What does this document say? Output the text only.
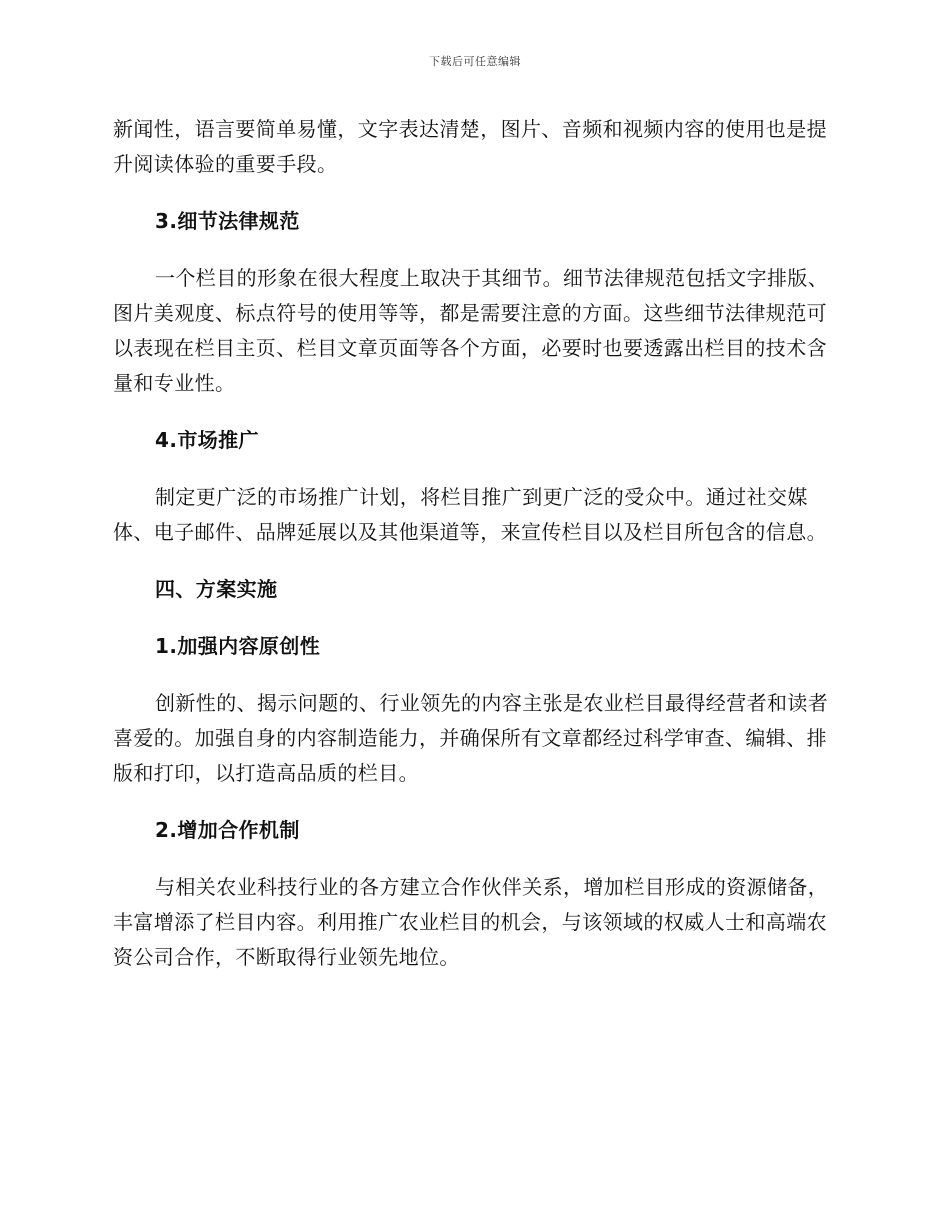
下载后可任意编辑

新闻性，语言要简单易懂，文字表达清楚，图片、音频和视频内容的使用也是提升阅读体验的重要手段。

3.细节法律规范

一个栏目的形象在很大程度上取决于其细节。细节法律规范包括文字排版、图片美观度、标点符号的使用等等，都是需要注意的方面。这些细节法律规范可以表现在栏目主页、栏目文章页面等各个方面，必要时也要透露出栏目的技术含量和专业性。

4.市场推广

制定更广泛的市场推广计划，将栏目推广到更广泛的受众中。通过社交媒体、电子邮件、品牌延展以及其他渠道等，来宣传栏目以及栏目所包含的信息。

四、方案实施

1.加强内容原创性

创新性的、揭示问题的、行业领先的内容主张是农业栏目最得经营者和读者喜爱的。加强自身的内容制造能力，并确保所有文章都经过科学审查、编辑、排版和打印，以打造高品质的栏目。

2.增加合作机制

与相关农业科技行业的各方建立合作伙伴关系，增加栏目形成的资源储备，丰富增添了栏目内容。利用推广农业栏目的机会，与该领域的权威人士和高端农资公司合作，不断取得行业领先地位。
